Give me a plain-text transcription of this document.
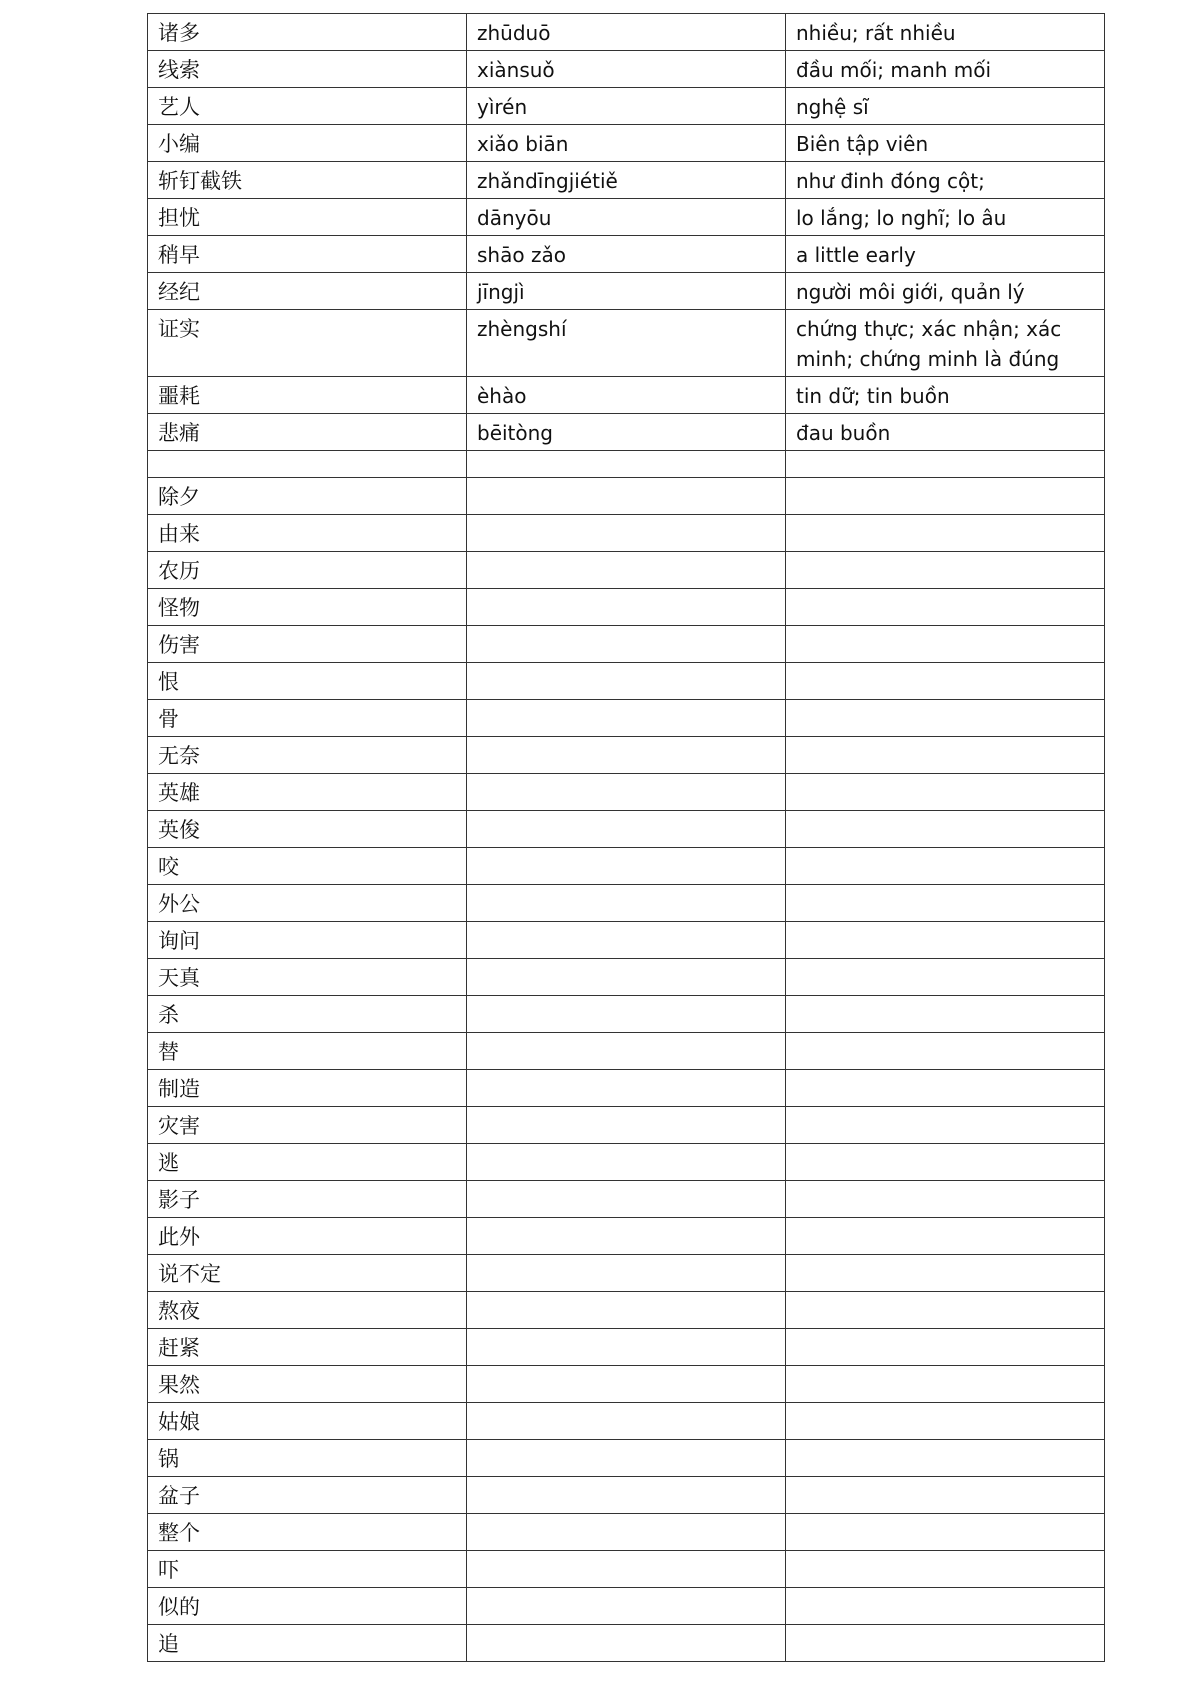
诸多	zhūduō	nhiều; rất nhiều
线索	xiànsuǒ	đầu mối; manh mối
艺人	yìrén	nghệ sĩ
小编	xiǎo biān	Biên tập viên
斩钉截铁	zhǎndīngjiétiě	như đinh đóng cột;
担忧	dānyōu	lo lắng; lo nghĩ; lo âu
稍早	shāo zǎo	a little early
经纪	jīngjì	người môi giới, quản lý
证实	zhèngshí	chứng thực; xác nhận; xác minh; chứng minh là đúng
噩耗	èhào	tin dữ; tin buồn
悲痛	bēitòng	đau buồn

除夕		
由来		
农历		
怪物		
伤害		
恨		
骨		
无奈		
英雄		
英俊		
咬		
外公		
询问		
天真		
杀		
替		
制造		
灾害		
逃		
影子		
此外		
说不定		
熬夜		
赶紧		
果然		
姑娘		
锅		
盆子		
整个		
吓		
似的		
追		
